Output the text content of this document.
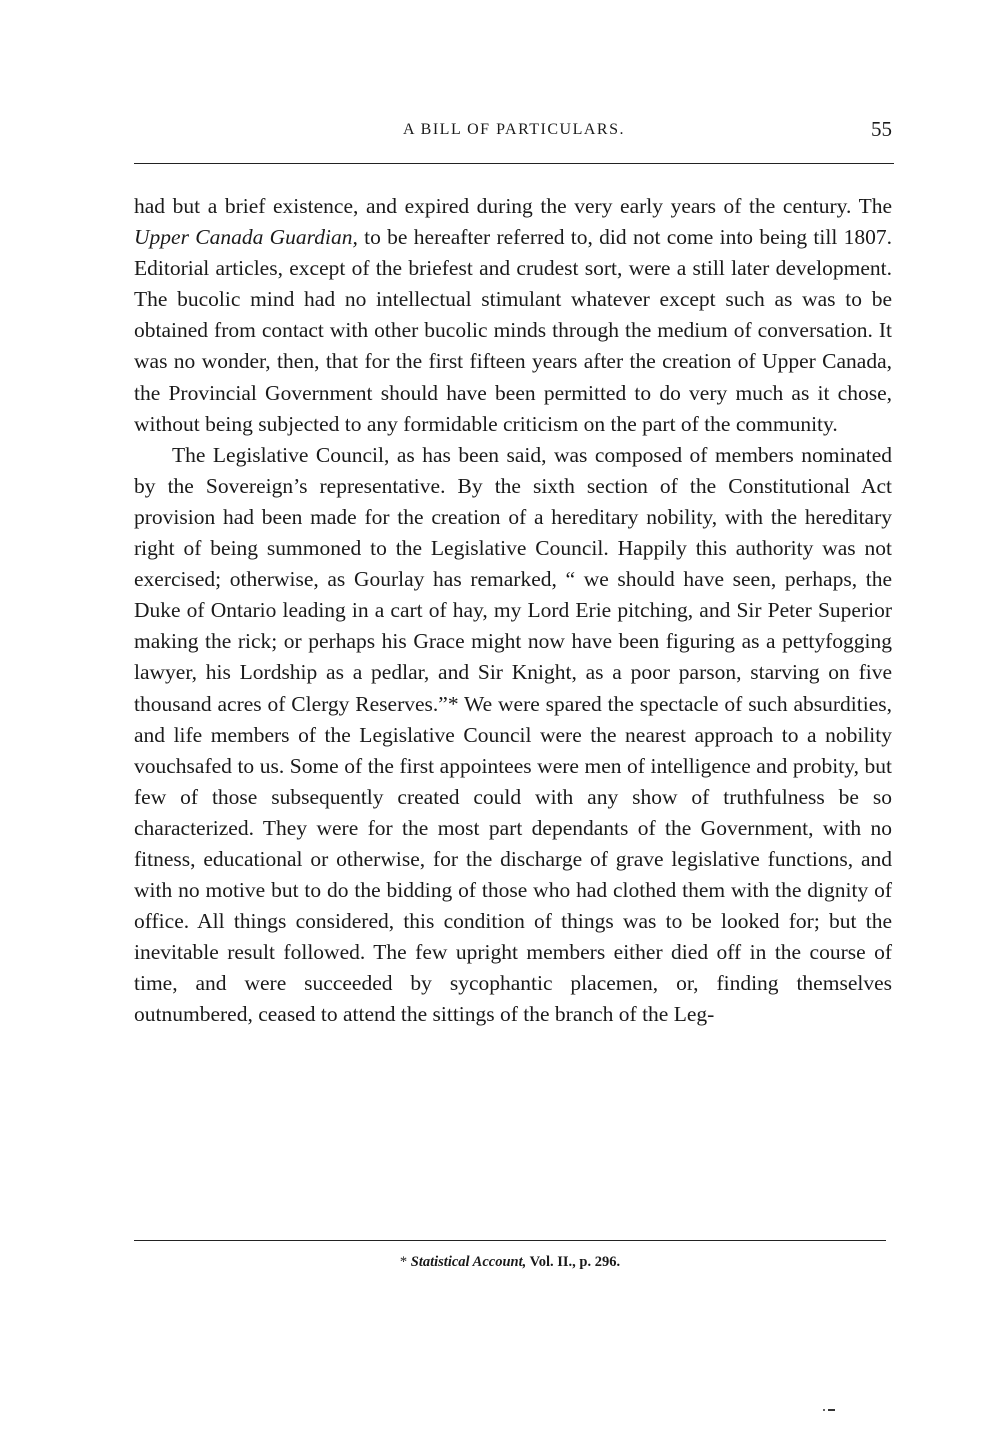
A BILL OF PARTICULARS.	55

had but a brief existence, and expired during the very early years of the century. The Upper Canada Guardian, to be hereafter referred to, did not come into being till 1807. Editorial articles, except of the briefest and crudest sort, were a still later development. The bucolic mind had no intellectual stimulant whatever except such as was to be obtained from contact with other bucolic minds through the medium of conversation. It was no wonder, then, that for the first fifteen years after the creation of Upper Canada, the Provincial Government should have been permitted to do very much as it chose, without being subjected to any formidable criticism on the part of the community.

The Legislative Council, as has been said, was composed of members nominated by the Sovereign’s representative. By the sixth section of the Constitutional Act provision had been made for the creation of a hereditary nobility, with the hereditary right of being summoned to the Legislative Council. Happily this authority was not exercised; otherwise, as Gourlay has remarked, “ we should have seen, perhaps, the Duke of Ontario leading in a cart of hay, my Lord Erie pitching, and Sir Peter Superior making the rick; or perhaps his Grace might now have been figuring as a pettyfogging lawyer, his Lordship as a pedlar, and Sir Knight, as a poor parson, starving on five thousand acres of Clergy Reserves.”* We were spared the spectacle of such absurdities, and life members of the Legislative Council were the nearest approach to a nobility vouchsafed to us. Some of the first appointees were men of intelligence and probity, but few of those subsequently created could with any show of truthfulness be so characterized. They were for the most part dependants of the Government, with no fitness, educational or otherwise, for the discharge of grave legislative functions, and with no motive but to do the bidding of those who had clothed them with the dignity of office. All things considered, this condition of things was to be looked for; but the inevitable result followed. The few upright members either died off in the course of time, and were succeeded by sycophantic placemen, or, finding themselves outnumbered, ceased to attend the sittings of the branch of the Leg-

* Statistical Account, Vol. II., p. 296.
